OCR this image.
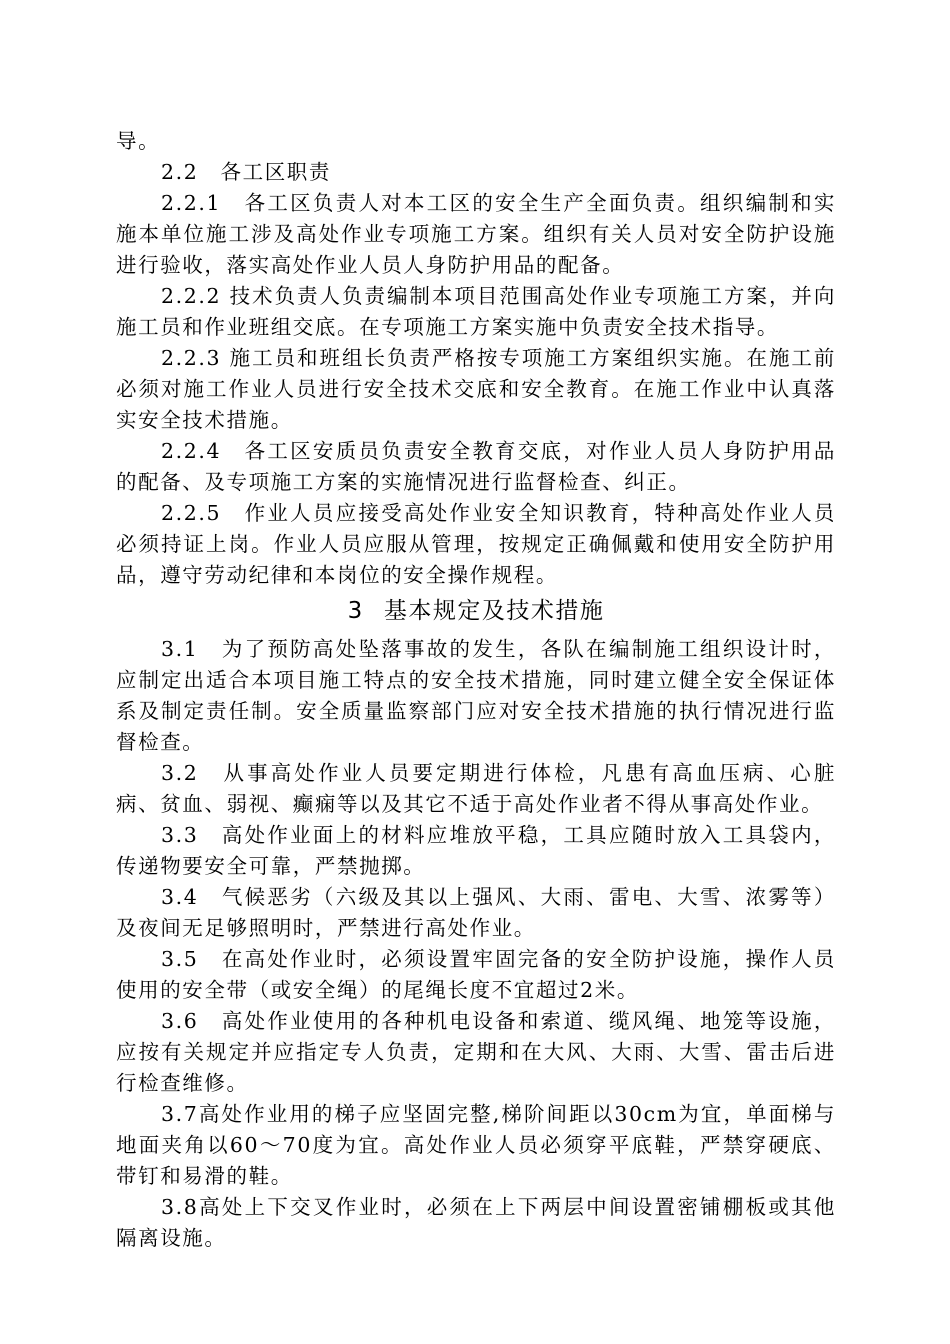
导。

2.2　各工区职责

2.2.1　各工区负责人对本工区的安全生产全面负责。组织编制和实施本单位施工涉及高处作业专项施工方案。组织有关人员对安全防护设施进行验收，落实高处作业人员人身防护用品的配备。

2.2.2 技术负责人负责编制本项目范围高处作业专项施工方案，并向施工员和作业班组交底。在专项施工方案实施中负责安全技术指导。

2.2.3 施工员和班组长负责严格按专项施工方案组织实施。在施工前必须对施工作业人员进行安全技术交底和安全教育。在施工作业中认真落实安全技术措施。

2.2.4　各工区安质员负责安全教育交底，对作业人员人身防护用品的配备、及专项施工方案的实施情况进行监督检查、纠正。

2.2.5　作业人员应接受高处作业安全知识教育，特种高处作业人员必须持证上岗。作业人员应服从管理，按规定正确佩戴和使用安全防护用品，遵守劳动纪律和本岗位的安全操作规程。

3 基本规定及技术措施

3.1　为了预防高处坠落事故的发生，各队在编制施工组织设计时，应制定出适合本项目施工特点的安全技术措施，同时建立健全安全保证体系及制定责任制。安全质量监察部门应对安全技术措施的执行情况进行监督检查。

3.2　从事高处作业人员要定期进行体检，凡患有高血压病、心脏病、贫血、弱视、癫痫等以及其它不适于高处作业者不得从事高处作业。

3.3　高处作业面上的材料应堆放平稳，工具应随时放入工具袋内，传递物要安全可靠，严禁抛掷。

3.4　气候恶劣（六级及其以上强风、大雨、雷电、大雪、浓雾等）及夜间无足够照明时，严禁进行高处作业。

3.5　在高处作业时，必须设置牢固完备的安全防护设施，操作人员使用的安全带（或安全绳）的尾绳长度不宜超过2米。

3.6　高处作业使用的各种机电设备和索道、缆风绳、地笼等设施，应按有关规定并应指定专人负责，定期和在大风、大雨、大雪、雷击后进行检查维修。

3.7高处作业用的梯子应坚固完整,梯阶间距以30cm为宜，单面梯与地面夹角以60～70度为宜。高处作业人员必须穿平底鞋，严禁穿硬底、带钉和易滑的鞋。

3.8高处上下交叉作业时，必须在上下两层中间设置密铺棚板或其他隔离设施。
